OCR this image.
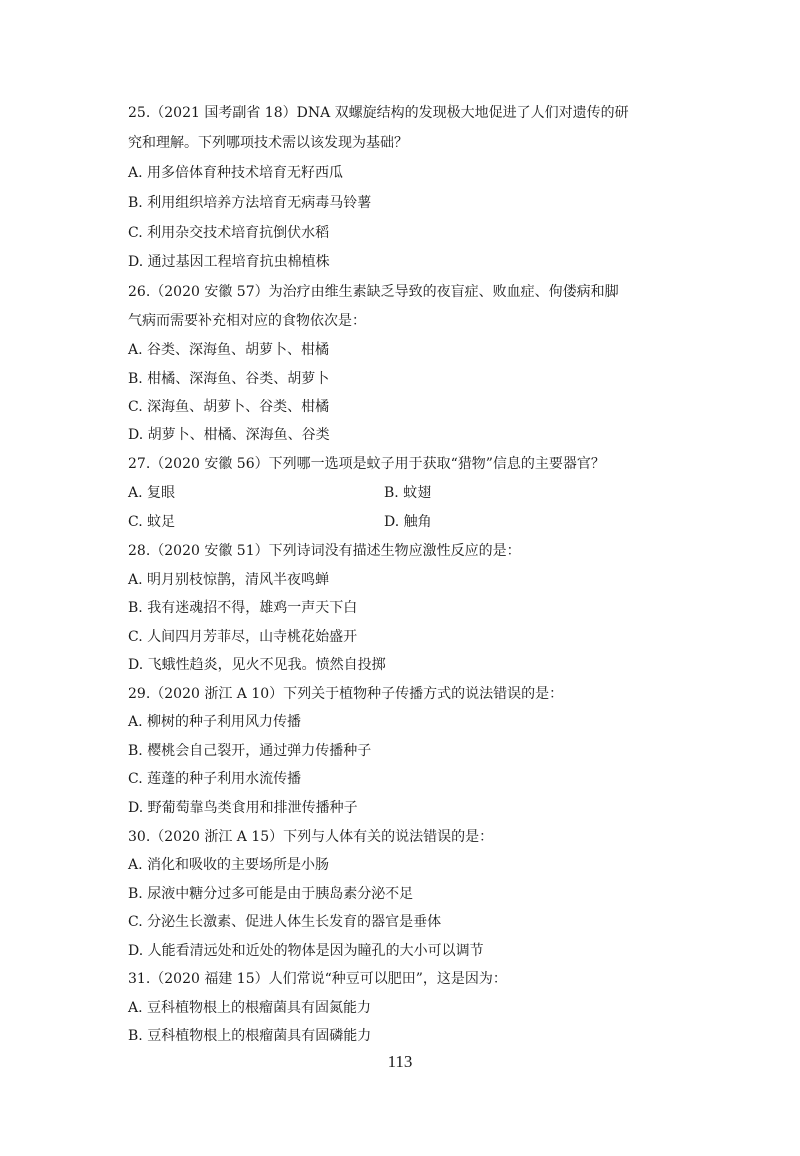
25.（2021 国考副省 18）DNA 双螺旋结构的发现极大地促进了人们对遗传的研
究和理解。下列哪项技术需以该发现为基础？
A. 用多倍体育种技术培育无籽西瓜
B. 利用组织培养方法培育无病毒马铃薯
C. 利用杂交技术培育抗倒伏水稻
D. 通过基因工程培育抗虫棉植株
26.（2020 安徽 57）为治疗由维生素缺乏导致的夜盲症、败血症、佝偻病和脚
气病而需要补充相对应的食物依次是：
A. 谷类、深海鱼、胡萝卜、柑橘
B. 柑橘、深海鱼、谷类、胡萝卜
C. 深海鱼、胡萝卜、谷类、柑橘
D. 胡萝卜、柑橘、深海鱼、谷类
27.（2020 安徽 56）下列哪一选项是蚊子用于获取“猎物”信息的主要器官？
A. 复眼	B. 蚊翅
C. 蚊足	D. 触角
28.（2020 安徽 51）下列诗词没有描述生物应激性反应的是：
A. 明月别枝惊鹊，清风半夜鸣蝉
B. 我有迷魂招不得，雄鸡一声天下白
C. 人间四月芳菲尽，山寺桃花始盛开
D. 飞蛾性趋炎，见火不见我。愤然自投掷
29.（2020 浙江 A 10）下列关于植物种子传播方式的说法错误的是：
A. 柳树的种子利用风力传播
B. 樱桃会自己裂开，通过弹力传播种子
C. 莲蓬的种子利用水流传播
D. 野葡萄靠鸟类食用和排泄传播种子
30.（2020 浙江 A 15）下列与人体有关的说法错误的是：
A. 消化和吸收的主要场所是小肠
B. 尿液中糖分过多可能是由于胰岛素分泌不足
C. 分泌生长激素、促进人体生长发育的器官是垂体
D. 人能看清远处和近处的物体是因为瞳孔的大小可以调节
31.（2020 福建 15）人们常说“种豆可以肥田”，这是因为：
A. 豆科植物根上的根瘤菌具有固氮能力
B. 豆科植物根上的根瘤菌具有固磷能力
113
